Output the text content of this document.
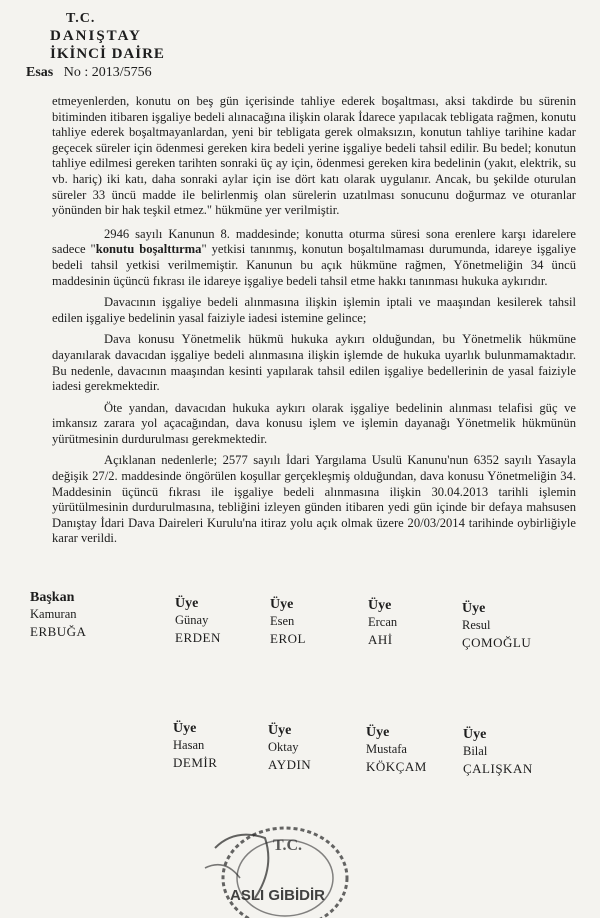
T.C.
DANIŞTAY
İKİNCİ DAİRE
Esas No : 2013/5756

etmeyenlerden, konutu on beş gün içerisinde tahliye ederek boşaltması, aksi takdirde bu sürenin bitiminden itibaren işgaliye bedeli alınacağına ilişkin olarak İdarece yapılacak tebligata rağmen, konutu tahliye ederek boşaltmayanlardan, yeni bir tebligata gerek olmaksızın, konutun tahliye tarihine kadar geçecek süreler için ödenmesi gereken kira bedeli yerine işgaliye bedeli tahsil edilir. Bu bedel; konutun tahliye edilmesi gereken tarihten sonraki üç ay için, ödenmesi gereken kira bedelinin (yakıt, elektrik, su vb. hariç) iki katı, daha sonraki aylar için ise dört katı olarak uygulanır. Ancak, bu şekilde oturulan süreler 33 üncü madde ile belirlenmiş olan sürelerin uzatılması sonucunu doğurmaz ve oturanlar yönünden bir hak teşkil etmez." hükmüne yer verilmiştir.

2946 sayılı Kanunun 8. maddesinde; konutta oturma süresi sona erenlere karşı idarelere sadece "konutu boşalttırma" yetkisi tanınmış, konutun boşaltılmaması durumunda, idareye işgaliye bedeli tahsil yetkisi verilmemiştir. Kanunun bu açık hükmüne rağmen, Yönetmeliğin 34 üncü maddesinin üçüncü fıkrası ile idareye işgaliye bedeli tahsil etme hakkı tanınması hukuka aykırıdır.

Davacının işgaliye bedeli alınmasına ilişkin işlemin iptali ve maaşından kesilerek tahsil edilen işgaliye bedelinin yasal faiziyle iadesi istemine gelince;

Dava konusu Yönetmelik hükmü hukuka aykırı olduğundan, bu Yönetmelik hükmüne dayanılarak davacıdan işgaliye bedeli alınmasına ilişkin işlemde de hukuka uyarlık bulunmamaktadır. Bu nedenle, davacının maaşından kesinti yapılarak tahsil edilen işgaliye bedellerinin de yasal faiziyle iadesi gerekmektedir.

Öte yandan, davacıdan hukuka aykırı olarak işgaliye bedelinin alınması telafisi güç ve imkansız zarara yol açacağından, dava konusu işlem ve işlemin dayanağı Yönetmelik hükmünün yürütmesinin durdurulması gerekmektedir.

Açıklanan nedenlerle; 2577 sayılı İdari Yargılama Usulü Kanunu'nun 6352 sayılı Yasayla değişik 27/2. maddesinde öngörülen koşullar gerçekleşmiş olduğundan, dava konusu Yönetmeliğin 34. Maddesinin üçüncü fıkrası ile işgaliye bedeli alınmasına ilişkin 30.04.2013 tarihli işlemin yürütülmesinin durdurulmasına, tebliğini izleyen günden itibaren yedi gün içinde bir defaya mahsusen Danıştay İdari Dava Daireleri Kurulu'na itiraz yolu açık olmak üzere 20/03/2014 tarihinde oybirliğiyle karar verildi.

Başkan
Kamuran
ERBUĞA
Üye
Günay
ERDEN
Üye
Esen
EROL
Üye
Ercan
AHİ
Üye
Resul
ÇOMOĞLU
Üye
Hasan
DEMİR
Üye
Oktay
AYDIN
Üye
Mustafa
KÖKÇAM
Üye
Bilal
ÇALIŞKAN
T.C.
ASLI GİBİDİR
